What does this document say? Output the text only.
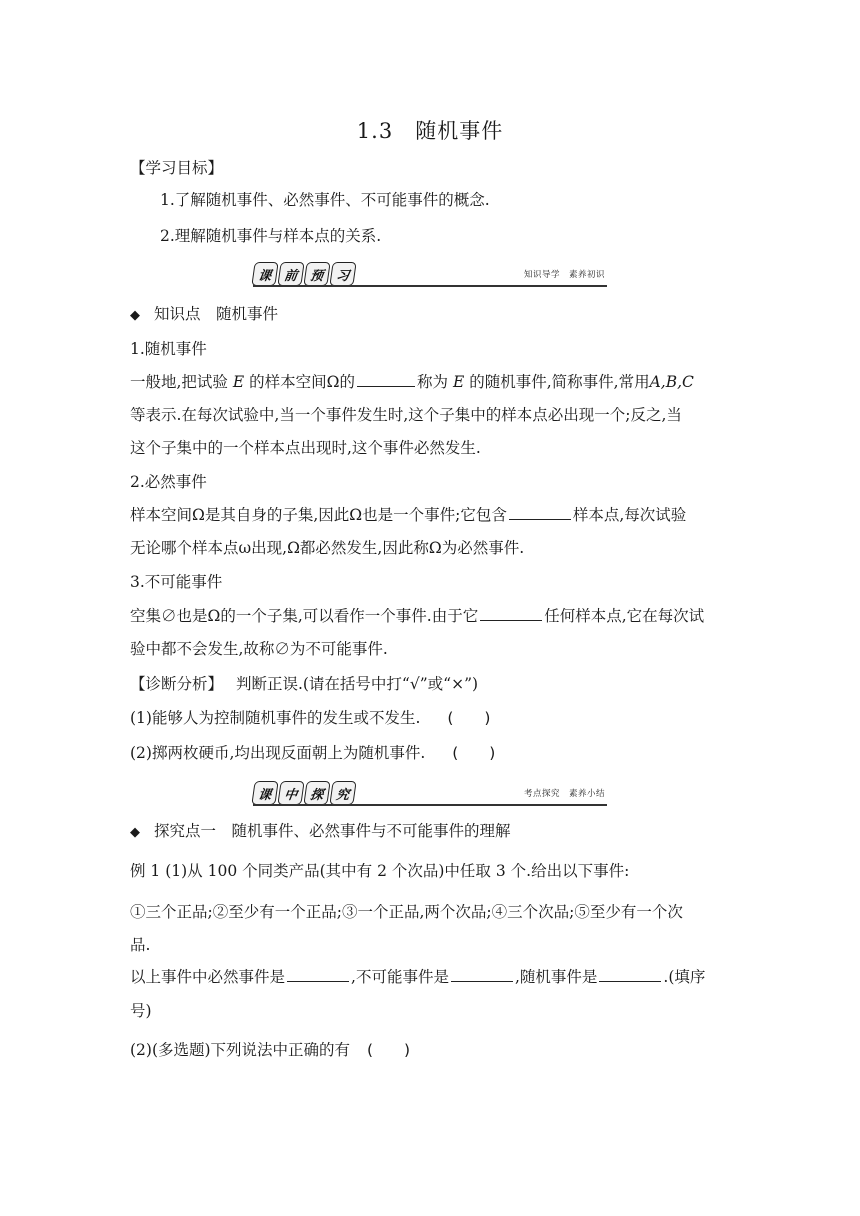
1.3 随机事件
【学习目标】
1.了解随机事件、必然事件、不可能事件的概念.
2.理解随机事件与样本点的关系.
课 前 预 习	知识导学　素养初识
◆ 知识点　随机事件
1.随机事件
一般地,把试验 E 的样本空间Ω的	称为 E 的随机事件,简称事件,常用A,B,C
等表示.在每次试验中,当一个事件发生时,这个子集中的样本点必出现一个;反之,当
这个子集中的一个样本点出现时,这个事件必然发生.
2.必然事件
样本空间Ω是其自身的子集,因此Ω也是一个事件;它包含	样本点,每次试验
无论哪个样本点ω出现,Ω都必然发生,因此称Ω为必然事件.
3.不可能事件
空集∅也是Ω的一个子集,可以看作一个事件.由于它	任何样本点,它在每次试
验中都不会发生,故称∅为不可能事件.
【诊断分析】 判断正误.(请在括号中打“√”或“×”)
(1)能够人为控制随机事件的发生或不发生. (　　)
(2)掷两枚硬币,均出现反面朝上为随机事件. (　　)
课 中 探 究	考点探究　素养小结
◆ 探究点一　随机事件、必然事件与不可能事件的理解
例 1 (1)从 100 个同类产品(其中有 2 个次品)中任取 3 个.给出以下事件:
①三个正品;②至少有一个正品;③一个正品,两个次品;④三个次品;⑤至少有一个次
品.
以上事件中必然事件是	,不可能事件是	,随机事件是	.(填序
号)
(2)(多选题)下列说法中正确的有 (　　)
